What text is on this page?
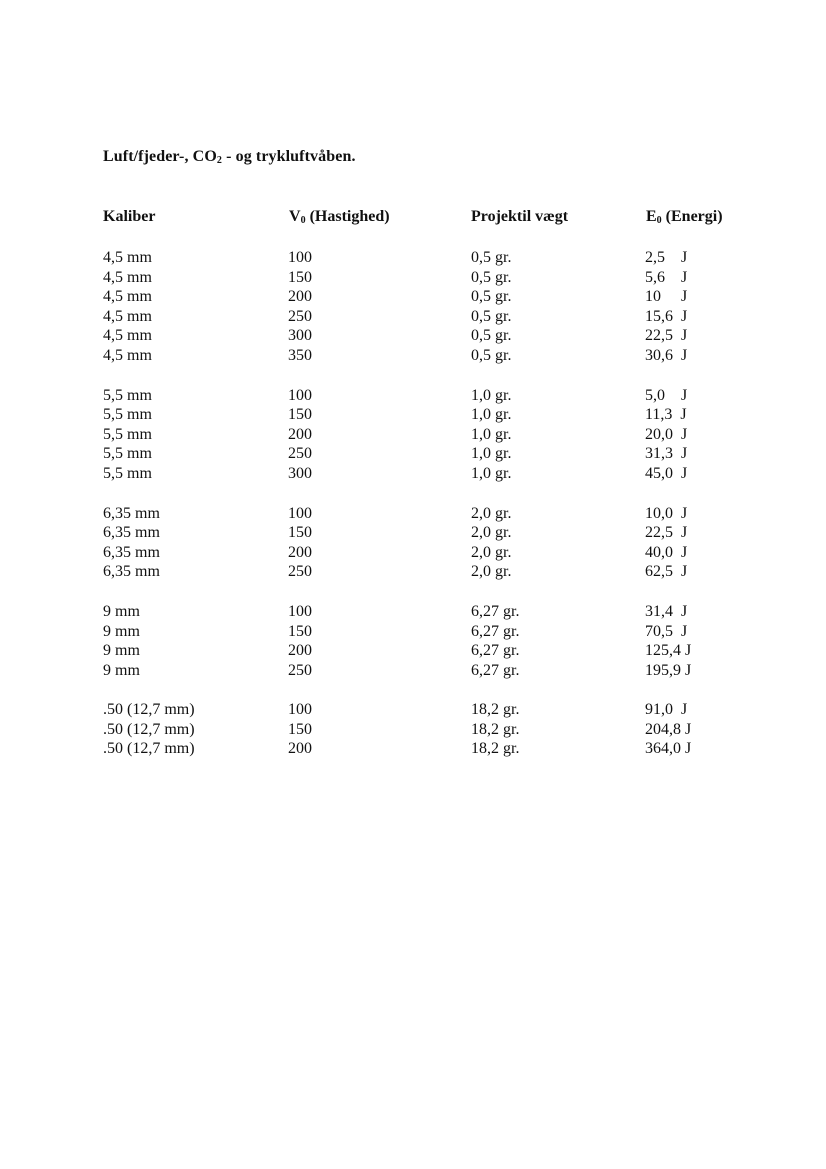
Luft/fjeder-, $CO_2$ - og trykluftvåben.
Kaliber	$V_0$ (Hastighed)	Projektil vægt	$E_0$ (Energi)
4,5 mm	100	0,5 gr.	2,5    J
4,5 mm	150	0,5 gr.	5,6    J
4,5 mm	200	0,5 gr.	10     J
4,5 mm	250	0,5 gr.	15,6  J
4,5 mm	300	0,5 gr.	22,5  J
4,5 mm	350	0,5 gr.	30,6  J
5,5 mm	100	1,0 gr.	5,0    J
5,5 mm	150	1,0 gr.	11,3  J
5,5 mm	200	1,0 gr.	20,0  J
5,5 mm	250	1,0 gr.	31,3  J
5,5 mm	300	1,0 gr.	45,0  J
6,35 mm	100	2,0 gr.	10,0  J
6,35 mm	150	2,0 gr.	22,5  J
6,35 mm	200	2,0 gr.	40,0  J
6,35 mm	250	2,0 gr.	62,5  J
9 mm	100	6,27 gr.	31,4  J
9 mm	150	6,27 gr.	70,5  J
9 mm	200	6,27 gr.	125,4 J
9 mm	250	6,27 gr.	195,9 J
.50 (12,7 mm)	100	18,2 gr.	91,0  J
.50 (12,7 mm)	150	18,2 gr.	204,8 J
.50 (12,7 mm)	200	18,2 gr.	364,0 J
